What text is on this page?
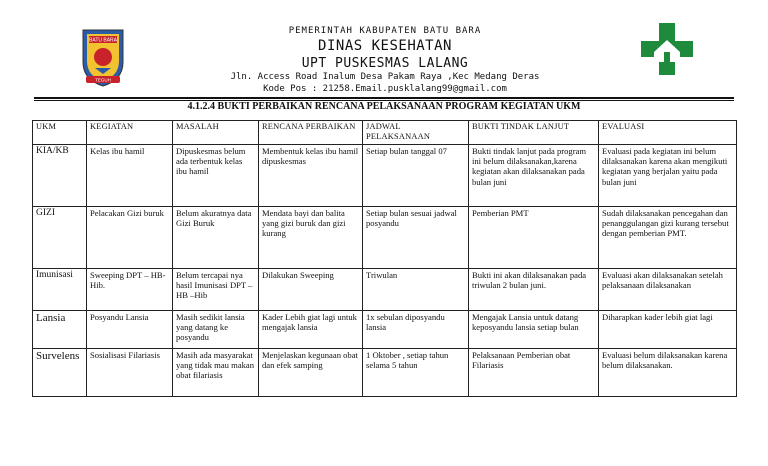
BATU BARA
TEGUH
PEMERINTAH KABUPATEN BATU BARA
DINAS KESEHATAN
UPT PUSKESMAS LALANG
Jln. Access Road Inalum Desa Pakam Raya ,Kec Medang Deras
Kode Pos : 21258.Email.pusklalang99@gmail.com
4.1.2.4 BUKTI PERBAIKAN RENCANA PELAKSANAAN PROGRAM KEGIATAN UKM
UKM	KEGIATAN	MASALAH	RENCANA PERBAIKAN	JADWAL PELAKSANAAN	BUKTI TINDAK LANJUT	EVALUASI
KIA/KB	Kelas ibu hamil	Dipuskesmas belum ada terbentuk kelas ibu hamil	Membentuk kelas ibu hamil dipuskesmas	Setiap bulan tanggal 07	Bukti tindak lanjut pada program ini belum dilaksanakan,karena kegiatan akan dilaksanakan pada bulan juni	Evaluasi pada kegiatan ini belum dilaksanakan karena akan mengikuti kegiatan yang berjalan yaitu pada bulan juni
GIZI	Pelacakan Gizi buruk	Belum akuratnya data Gizi Buruk	Mendata bayi dan balita yang gizi buruk dan gizi kurang	Setiap bulan sesuai jadwal posyandu	Pemberian PMT	Sudah dilaksanakan pencegahan dan penanggulangan gizi kurang tersebut dengan pemberian PMT.
Imunisasi	Sweeping DPT – HB-Hib.	Belum tercapai nya hasil Imunisasi DPT –HB –Hib	Dilakukan Sweeping	Triwulan	Bukti ini akan dilaksanakan pada triwulan 2 bulan juni.	Evaluasi akan dilaksanakan setelah pelaksanaan dilaksanakan
Lansia	Posyandu Lansia	Masih sedikit lansia yang datang ke posyandu	Kader Lebih giat lagi untuk mengajak lansia	1x sebulan diposyandu lansia	Mengajak Lansia untuk datang keposyandu lansia setiap bulan	Diharapkan kader lebih giat lagi
Survelens	Sosialisasi Filariasis	Masih ada masyarakat yang tidak mau makan obat filariasis	Menjelaskan kegunaan obat dan efek samping	1 Oktober , setiap tahun selama 5 tahun	Pelaksanaan Pemberian obat Filariasis	Evaluasi belum dilaksanakan karena belum dilaksanakan.
